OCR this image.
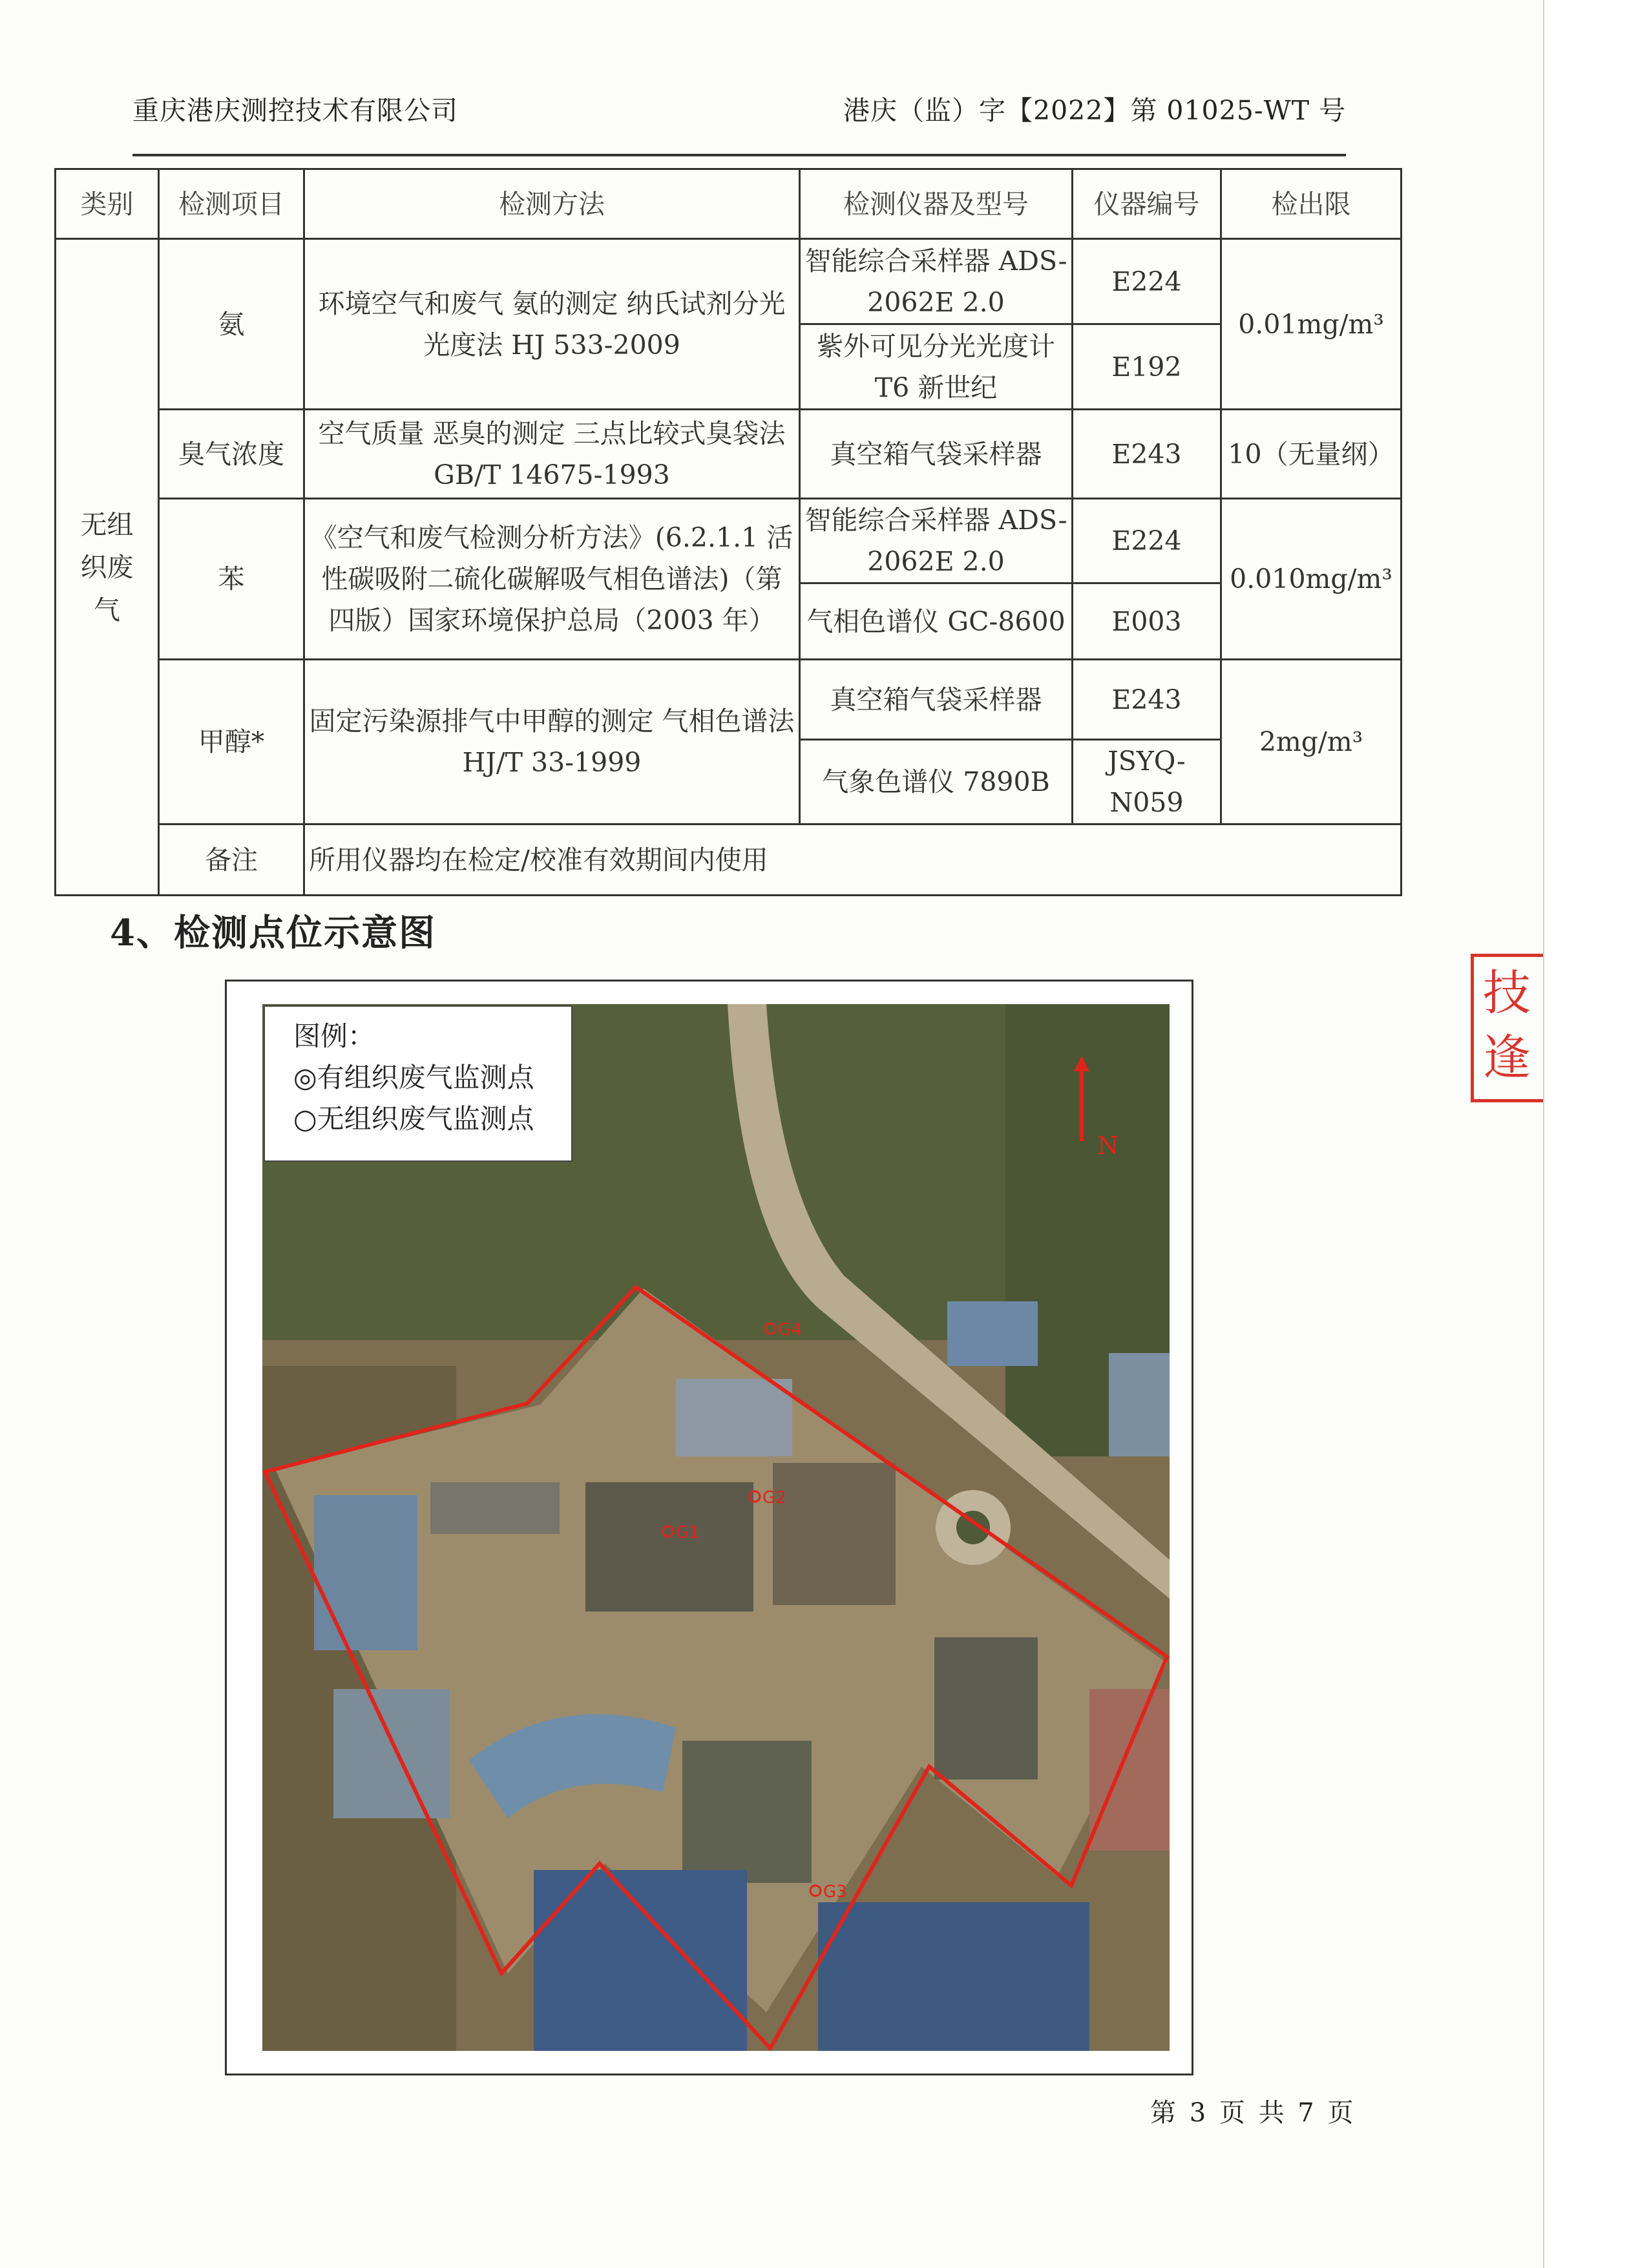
重庆港庆测控技术有限公司	港庆（监）字【2022】第 01025-WT 号
类别	检测项目	检测方法	检测仪器及型号	仪器编号	检出限

无组织废气	氨	环境空气和废气 氨的测定 纳氏试剂分光光度法 HJ 533-2009	智能综合采样器 ADS-2062E 2.0	E224	0.01mg/m³
			紫外可见分光光度计 T6 新世纪	E192	
	臭气浓度	空气质量 恶臭的测定 三点比较式臭袋法 GB/T 14675-1993	真空箱气袋采样器	E243	10（无量纲）
	苯	《空气和废气检测分析方法》(6.2.1.1 活性碳吸附二硫化碳解吸气相色谱法)（第四版）国家环境保护总局（2003 年）	智能综合采样器 ADS-2062E 2.0	E224	0.010mg/m³
			气相色谱仪 GC-8600	E003	
	甲醇*	固定污染源排气中甲醇的测定 气相色谱法 HJ/T 33-1999	真空箱气袋采样器	E243	2mg/m³
			气象色谱仪 7890B	JSYQ-N059	
	备注	所用仪器均在检定/校准有效期间内使用			
4、检测点位示意图
N
G1
G2
G3
G4
图例：
◎有组织废气监测点
○无组织废气监测点
技
逢
第 3 页 共 7 页
